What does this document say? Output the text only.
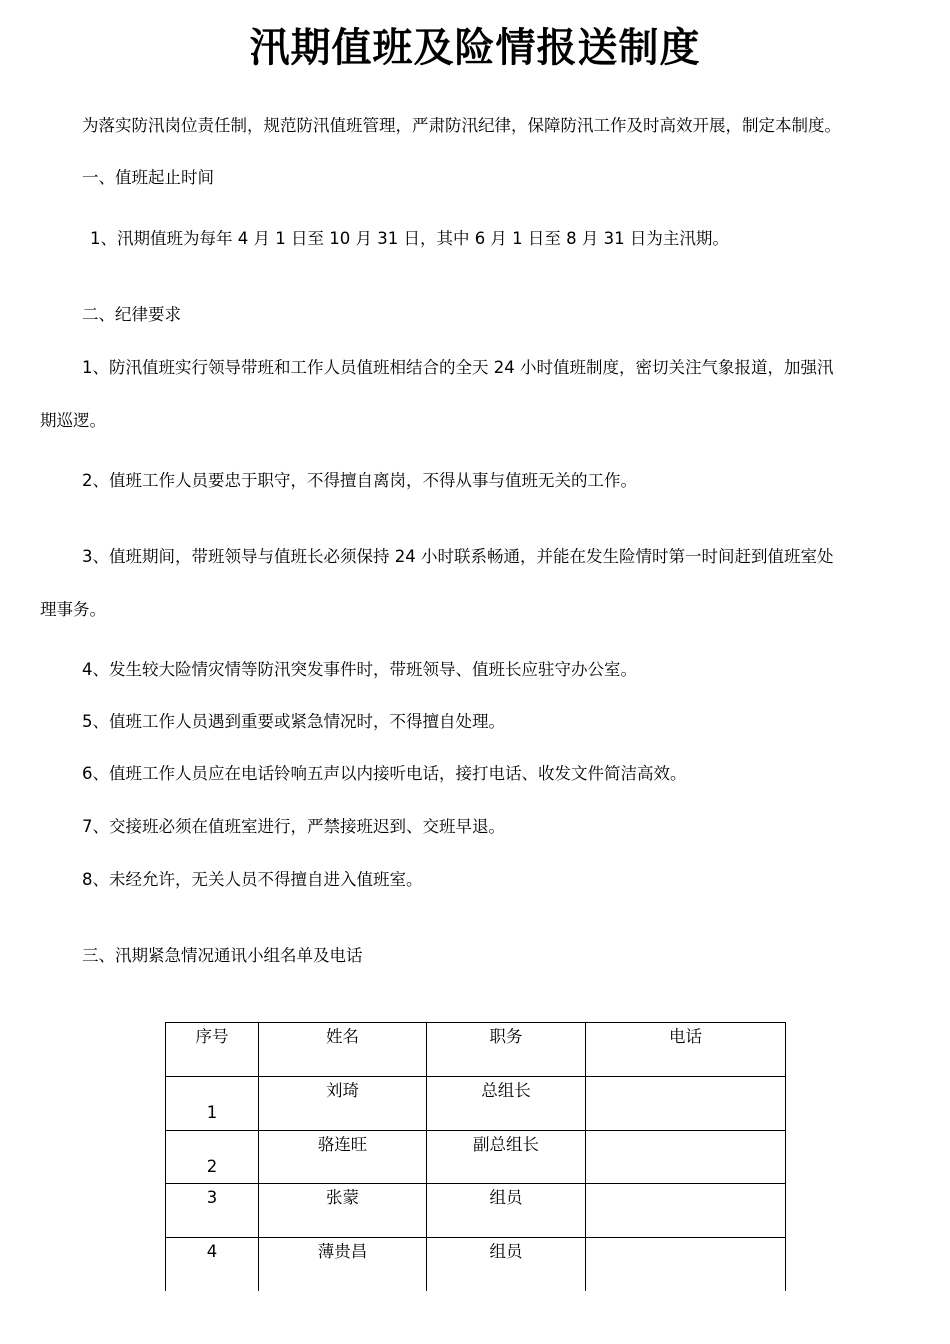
汛期值班及险情报送制度
为落实防汛岗位责任制，规范防汛值班管理，严肃防汛纪律，保障防汛工作及时高效开展，制定本制度。
一、值班起止时间
1、汛期值班为每年 4 月 1 日至 10 月 31 日，其中 6 月 1 日至 8 月 31 日为主汛期。
二、纪律要求
1、防汛值班实行领导带班和工作人员值班相结合的全天 24 小时值班制度，密切关注气象报道，加强汛
期巡逻。
2、值班工作人员要忠于职守，不得擅自离岗，不得从事与值班无关的工作。
3、值班期间，带班领导与值班长必须保持 24 小时联系畅通，并能在发生险情时第一时间赶到值班室处
理事务。
4、发生较大险情灾情等防汛突发事件时，带班领导、值班长应驻守办公室。
5、值班工作人员遇到重要或紧急情况时，不得擅自处理。
6、值班工作人员应在电话铃响五声以内接听电话，接打电话、收发文件简洁高效。
7、交接班必须在值班室进行，严禁接班迟到、交班早退。
8、未经允许，无关人员不得擅自进入值班室。
三、汛期紧急情况通讯小组名单及电话
序号	姓名	职务	电话

1	刘琦	总组长	

2	骆连旺	副总组长	
3	张蒙	组员	
4	薄贵昌	组员	
